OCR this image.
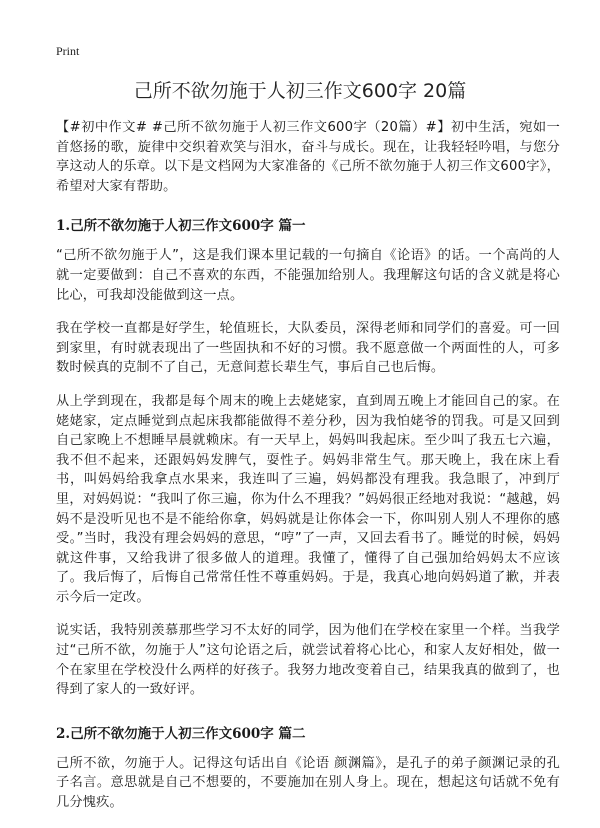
Print
己所不欲勿施于人初三作文600字 20篇

【#初中作文# #己所不欲勿施于人初三作文600字（20篇）#】初中生活，宛如一首悠扬的歌，旋律中交织着欢笑与泪水，奋斗与成长。现在，让我轻轻吟唱，与您分享这动人的乐章。以下是文档网为大家准备的《己所不欲勿施于人初三作文600字》，希望对大家有帮助。

1.己所不欲勿施于人初三作文600字 篇一

“己所不欲勿施于人”，这是我们课本里记载的一句摘自《论语》的话。一个高尚的人就一定要做到：自己不喜欢的东西，不能强加给别人。我理解这句话的含义就是将心比心，可我却没能做到这一点。

我在学校一直都是好学生，轮值班长，大队委员，深得老师和同学们的喜爱。可一回到家里，有时就表现出了一些固执和不好的习惯。我不愿意做一个两面性的人，可多数时候真的克制不了自己，无意间惹长辈生气，事后自己也后悔。

从上学到现在，我都是每个周末的晚上去姥姥家，直到周五晚上才能回自己的家。在姥姥家，定点睡觉到点起床我都能做得不差分秒，因为我怕姥爷的罚我。可是又回到自己家晚上不想睡早晨就赖床。有一天早上，妈妈叫我起床。至少叫了我五七六遍，我不但不起来，还跟妈妈发脾气，耍性子。妈妈非常生气。那天晚上，我在床上看书，叫妈妈给我拿点水果来，我连叫了三遍，妈妈都没有理我。我急眼了，冲到厅里，对妈妈说：“我叫了你三遍，你为什么不理我？”妈妈很正经地对我说：“越越，妈妈不是没听见也不是不能给你拿，妈妈就是让你体会一下，你叫别人别人不理你的感受。”当时，我没有理会妈妈的意思，“哼”了一声，又回去看书了。睡觉的时候，妈妈就这件事，又给我讲了很多做人的道理。我懂了，懂得了自己强加给妈妈太不应该了。我后悔了，后悔自己常常任性不尊重妈妈。于是，我真心地向妈妈道了歉，并表示今后一定改。

说实话，我特别羡慕那些学习不太好的同学，因为他们在学校在家里一个样。当我学过“己所不欲，勿施于人”这句论语之后，就尝试着将心比心，和家人友好相处，做一个在家里在学校没什么两样的好孩子。我努力地改变着自己，结果我真的做到了，也得到了家人的一致好评。

2.己所不欲勿施于人初三作文600字 篇二

己所不欲，勿施于人。记得这句话出自《论语 颜渊篇》，是孔子的弟子颜渊记录的孔子名言。意思就是自己不想要的，不要施加在别人身上。现在，想起这句话就不免有几分愧疚。
